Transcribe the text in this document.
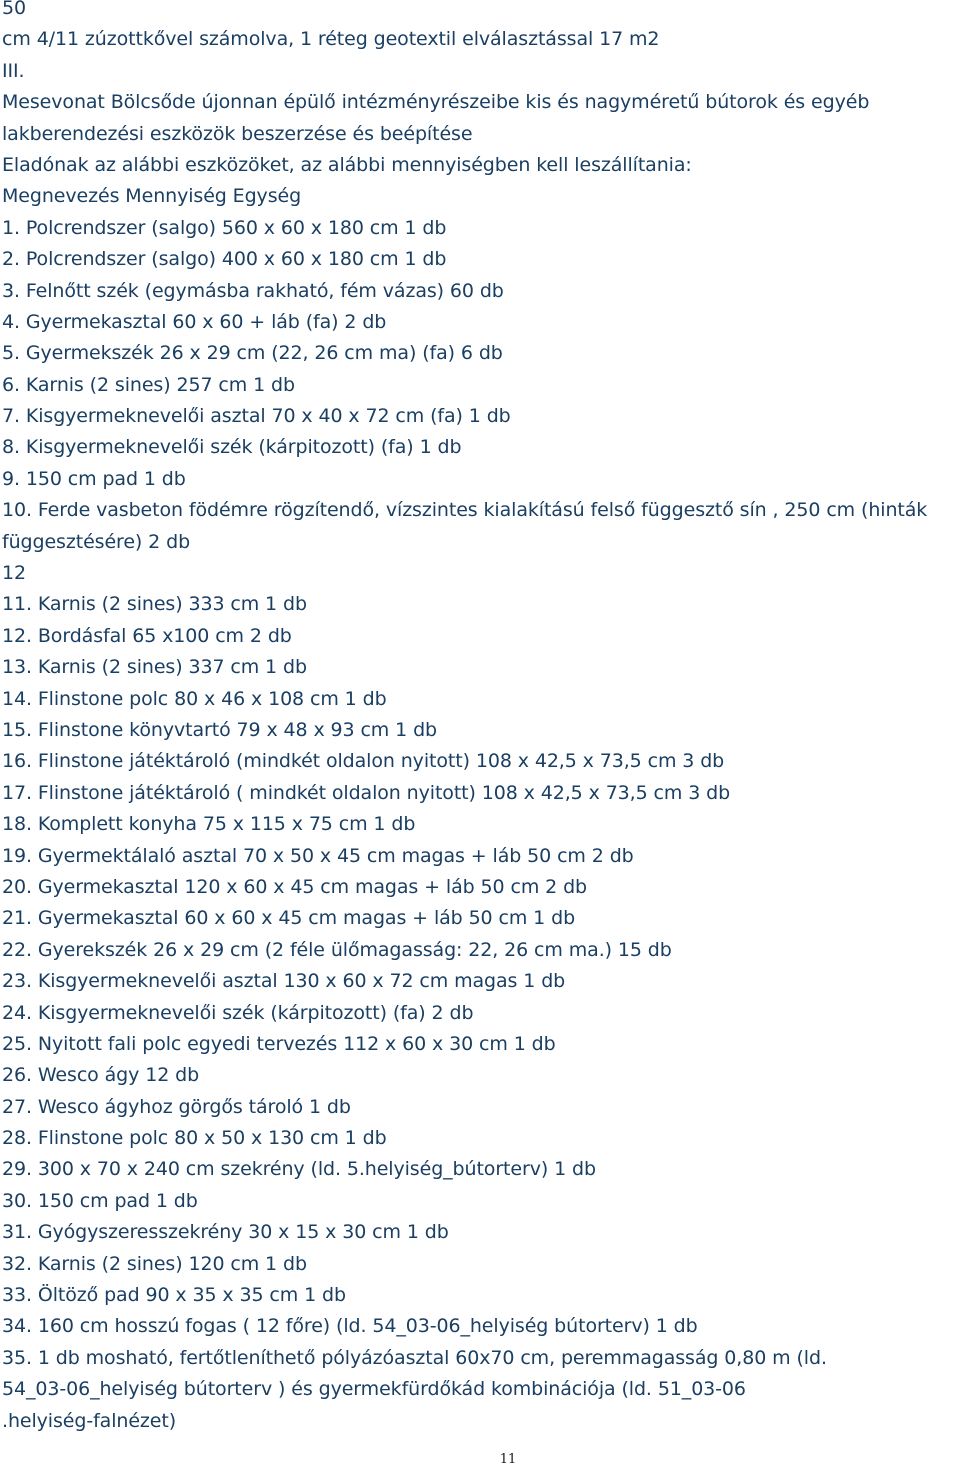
50
cm 4/11 zúzottkővel számolva, 1 réteg geotextil elválasztással 17 m2
III.
Mesevonat Bölcsőde újonnan épülő intézményrészeibe kis és nagyméretű bútorok és egyéb
lakberendezési eszközök beszerzése és beépítése
Eladónak az alábbi eszközöket, az alábbi mennyiségben kell leszállítania:
Megnevezés Mennyiség Egység
1. Polcrendszer (salgo) 560 x 60 x 180 cm 1 db
2. Polcrendszer (salgo) 400 x 60 x 180 cm 1 db
3. Felnőtt szék (egymásba rakható, fém vázas) 60 db
4. Gyermekasztal 60 x 60 + láb (fa) 2 db
5. Gyermekszék 26 x 29 cm (22, 26 cm ma) (fa) 6 db
6. Karnis (2 sines) 257 cm 1 db
7. Kisgyermeknevelői asztal 70 x 40 x 72 cm (fa) 1 db
8. Kisgyermeknevelői szék (kárpitozott) (fa) 1 db
9. 150 cm pad 1 db
10. Ferde vasbeton födémre rögzítendő, vízszintes kialakítású felső függesztő sín , 250 cm (hinták
függesztésére) 2 db
12
11. Karnis (2 sines) 333 cm 1 db
12. Bordásfal 65 x100 cm 2 db
13. Karnis (2 sines) 337 cm 1 db
14. Flinstone polc 80 x 46 x 108 cm 1 db
15. Flinstone könyvtartó 79 x 48 x 93 cm 1 db
16. Flinstone játéktároló (mindkét oldalon nyitott) 108 x 42,5 x 73,5 cm 3 db
17. Flinstone játéktároló ( mindkét oldalon nyitott) 108 x 42,5 x 73,5 cm 3 db
18. Komplett konyha 75 x 115 x 75 cm 1 db
19. Gyermektálaló asztal 70 x 50 x 45 cm magas + láb 50 cm 2 db
20. Gyermekasztal 120 x 60 x 45 cm magas + láb 50 cm 2 db
21. Gyermekasztal 60 x 60 x 45 cm magas + láb 50 cm 1 db
22. Gyerekszék 26 x 29 cm (2 féle ülőmagasság: 22, 26 cm ma.) 15 db
23. Kisgyermeknevelői asztal 130 x 60 x 72 cm magas 1 db
24. Kisgyermeknevelői szék (kárpitozott) (fa) 2 db
25. Nyitott fali polc egyedi tervezés 112 x 60 x 30 cm 1 db
26. Wesco ágy 12 db
27. Wesco ágyhoz görgős tároló 1 db
28. Flinstone polc 80 x 50 x 130 cm 1 db
29. 300 x 70 x 240 cm szekrény (ld. 5.helyiség_bútorterv) 1 db
30. 150 cm pad 1 db
31. Gyógyszeresszekrény 30 x 15 x 30 cm 1 db
32. Karnis (2 sines) 120 cm 1 db
33. Öltöző pad 90 x 35 x 35 cm 1 db
34. 160 cm hosszú fogas ( 12 főre) (ld. 54_03-06_helyiség bútorterv) 1 db
35. 1 db mosható, fertőtleníthető pólyázóasztal 60x70 cm, peremmagasság 0,80 m (ld.
54_03-06_helyiség bútorterv ) és gyermekfürdőkád kombinációja (ld. 51_03-06
.helyiség-falnézet)
11
